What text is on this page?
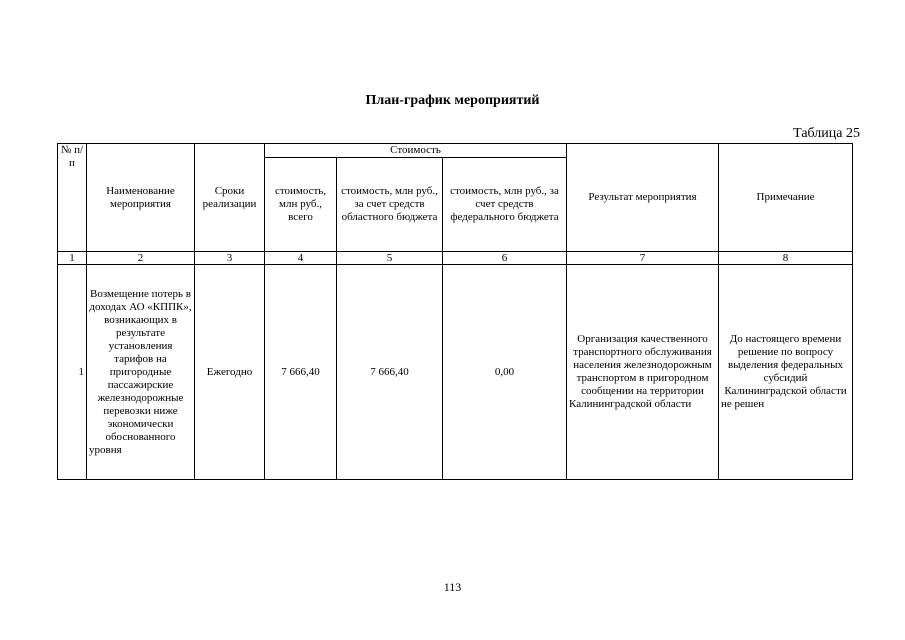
План-график мероприятий
Таблица 25
№ п/п	Наименование мероприятия	Сроки реализации	Стоимость			Результат мероприятия	Примечание
			стоимость, млн руб., всего	стоимость, млн руб., за счет средств областного бюджета	стоимость, млн руб., за счет средств федерального бюджета		
1	2	3	4	5	6	7	8
1	Возмещение потерь в доходах АО «КППК», возникающих в результате установления тарифов на пригородные пассажирские железнодорожные перевозки ниже экономически обоснованного уровня	Ежегодно	7 666,40	7 666,40	0,00	Организация качественного транспортного обслуживания населения железнодорожным транспортом в пригородном сообщении на территории Калининградской области	До настоящего времени решение по вопросу выделения федеральных субсидий Калининградской области не решен
113
